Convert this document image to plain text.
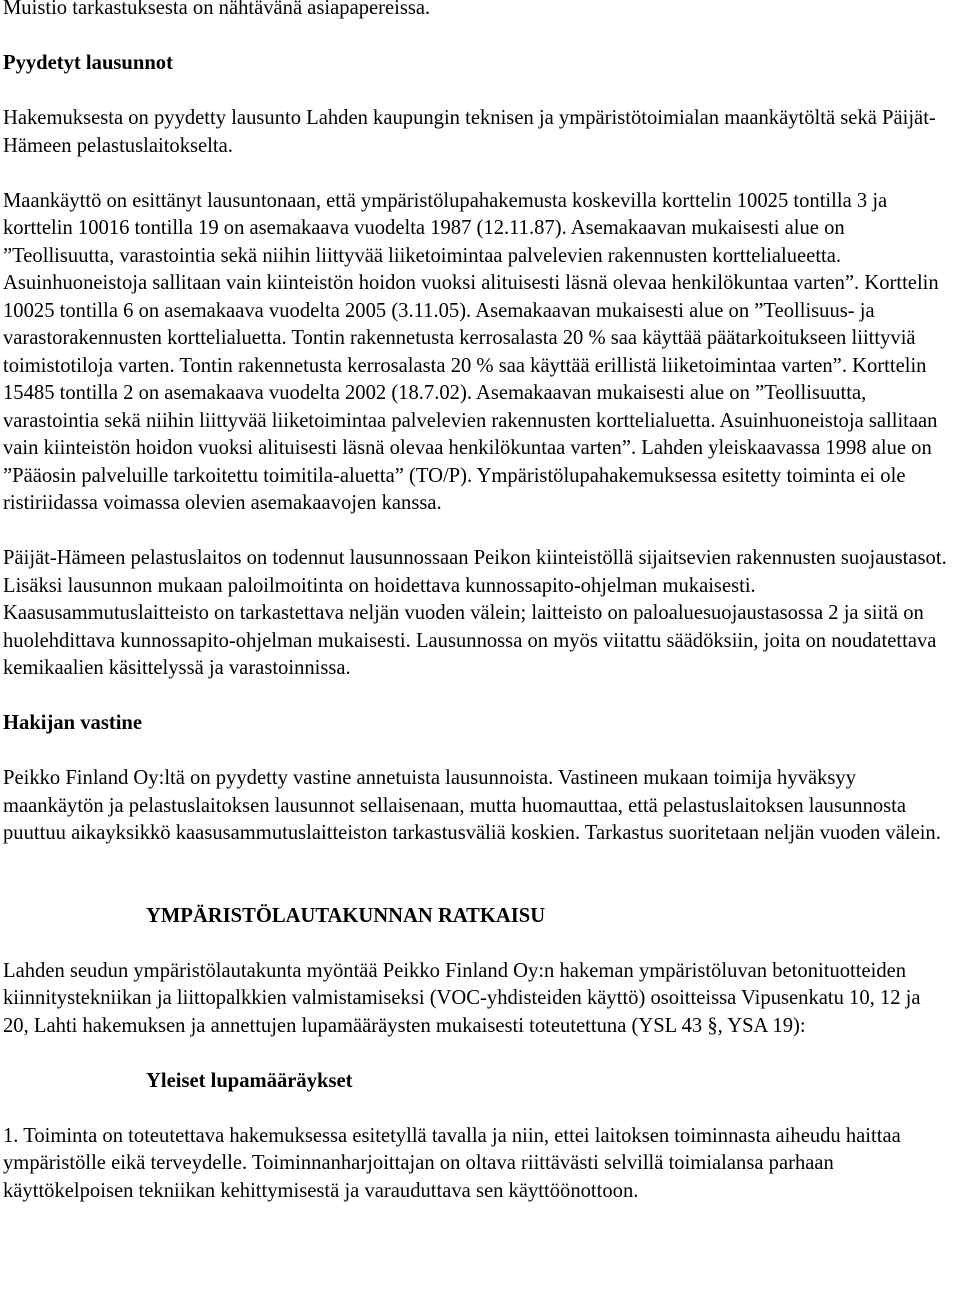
Muistio tarkastuksesta on nähtävänä asiapapereissa.

Pyydetyt lausunnot

Hakemuksesta on pyydetty lausunto Lahden kaupungin teknisen ja ympäristötoimialan maankäytöltä sekä Päijät-Hämeen pelastuslaitokselta.

Maankäyttö on esittänyt lausuntonaan, että ympäristölupahakemusta koskevilla korttelin 10025 tontilla 3 ja korttelin 10016 tontilla 19 on asemakaava vuodelta 1987 (12.11.87). Asemakaavan mukaisesti alue on ”Teollisuutta, varastointia sekä niihin liittyvää liiketoimintaa palvelevien rakennusten korttelialueetta. Asuinhuoneistoja sallitaan vain kiinteistön hoidon vuoksi alituisesti läsnä olevaa henkilökuntaa varten”. Korttelin 10025 tontilla 6 on asemakaava vuodelta 2005 (3.11.05). Asemakaavan mukaisesti alue on ”Teollisuus- ja varastorakennusten korttelialuetta. Tontin rakennetusta kerrosalasta 20 % saa käyttää päätarkoitukseen liittyviä toimistotiloja varten. Tontin rakennetusta kerrosalasta 20 % saa käyttää erillistä liiketoimintaa varten”. Korttelin 15485 tontilla 2 on asemakaava vuodelta 2002 (18.7.02). Asemakaavan mukaisesti alue on ”Teollisuutta, varastointia sekä niihin liittyvää liiketoimintaa palvelevien rakennusten korttelialuetta. Asuinhuoneistoja sallitaan vain kiinteistön hoidon vuoksi alituisesti läsnä olevaa henkilökuntaa varten”. Lahden yleiskaavassa 1998 alue on ”Pääosin palveluille tarkoitettu toimitila-aluetta” (TO/P). Ympäristölupahakemuksessa esitetty toiminta ei ole ristiriidassa voimassa olevien asemakaavojen kanssa.

Päijät-Hämeen pelastuslaitos on todennut lausunnossaan Peikon kiinteistöllä sijaitsevien rakennusten suojaustasot. Lisäksi lausunnon mukaan paloilmoitinta on hoidettava kunnossapito-ohjelman mukaisesti. Kaasusammutuslaitteisto on tarkastettava neljän vuoden välein; laitteisto on paloaluesuojaustasossa 2 ja siitä on huolehdittava kunnossapito-ohjelman mukaisesti. Lausunnossa on myös viitattu säädöksiin, joita on noudatettava kemikaalien käsittelyssä ja varastoinnissa.

Hakijan vastine

Peikko Finland Oy:ltä on pyydetty vastine annetuista lausunnoista. Vastineen mukaan toimija hyväksyy maankäytön ja pelastuslaitoksen lausunnot sellaisenaan, mutta huomauttaa, että pelastuslaitoksen lausunnosta puuttuu aikayksikkö kaasusammutuslaitteiston tarkastusväliä koskien. Tarkastus suoritetaan neljän vuoden välein.

YMPÄRISTÖLAUTAKUNNAN RATKAISU

Lahden seudun ympäristölautakunta myöntää Peikko Finland Oy:n hakeman ympäristöluvan betonituotteiden kiinnitystekniikan ja liittopalkkien valmistamiseksi (VOC-yhdisteiden käyttö) osoitteissa Vipusenkatu 10, 12 ja 20, Lahti hakemuksen ja annettujen lupamääräysten mukaisesti toteutettuna (YSL 43 §, YSA 19):

Yleiset lupamääräykset

1. Toiminta on toteutettava hakemuksessa esitetyllä tavalla ja niin, ettei laitoksen toiminnasta aiheudu haittaa ympäristölle eikä terveydelle. Toiminnanharjoittajan on oltava riittävästi selvillä toimialansa parhaan käyttökelpoisen tekniikan kehittymisestä ja varauduttava sen käyttöönottoon.
